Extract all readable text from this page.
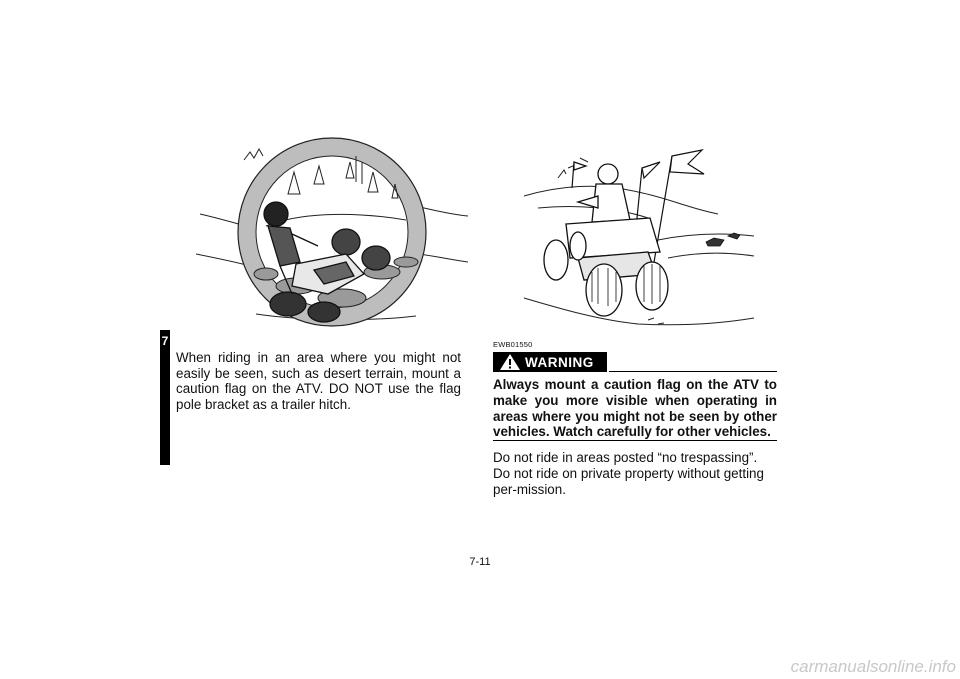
7

When riding in an area where you might not easily be seen, such as desert terrain, mount a caution flag on the ATV. DO NOT use the flag pole bracket as a trailer hitch.

EWB01550
WARNING

Always mount a caution flag on the ATV to make you more visible when operating in areas where you might not be seen by other vehicles. Watch carefully for other vehicles.

Do not ride in areas posted “no trespassing”.

Do not ride on private property without getting per-mission.

7-11
carmanualsonline.info
